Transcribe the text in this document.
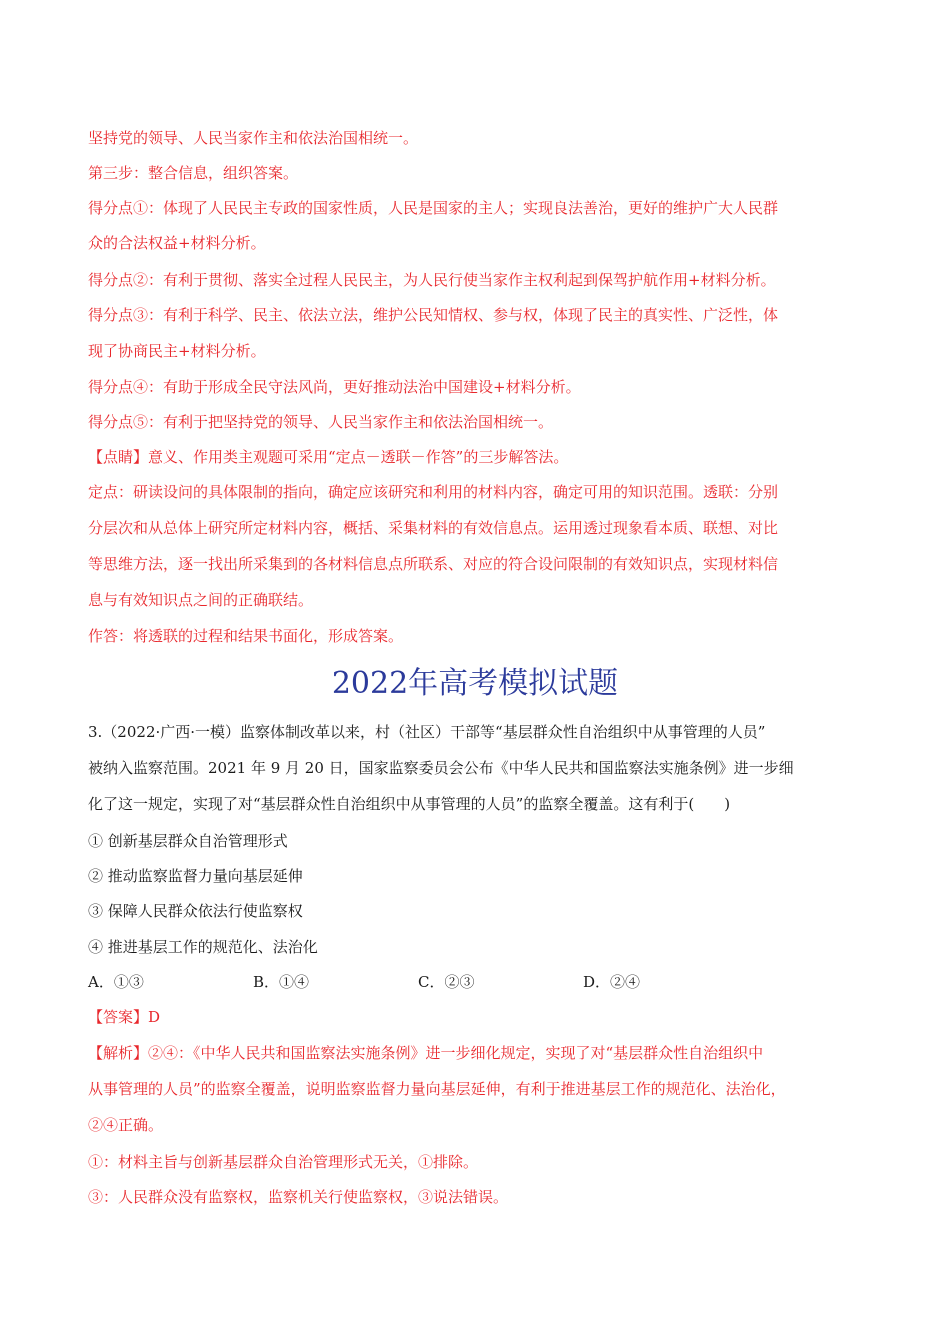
坚持党的领导、人民当家作主和依法治国相统一。

第三步：整合信息，组织答案。

得分点①：体现了人民民主专政的国家性质，人民是国家的主人；实现良法善治，更好的维护广大人民群

众的合法权益+材料分析。

得分点②：有利于贯彻、落实全过程人民民主，为人民行使当家作主权利起到保驾护航作用+材料分析。

得分点③：有利于科学、民主、依法立法，维护公民知情权、参与权，体现了民主的真实性、广泛性，体

现了协商民主+材料分析。

得分点④：有助于形成全民守法风尚，更好推动法治中国建设+材料分析。

得分点⑤：有利于把坚持党的领导、人民当家作主和依法治国相统一。

【点睛】意义、作用类主观题可采用“定点－透联－作答”的三步解答法。

定点：研读设问的具体限制的指向，确定应该研究和利用的材料内容，确定可用的知识范围。透联：分别

分层次和从总体上研究所定材料内容，概括、采集材料的有效信息点。运用透过现象看本质、联想、对比

等思维方法，逐一找出所采集到的各材料信息点所联系、对应的符合设问限制的有效知识点，实现材料信

息与有效知识点之间的正确联结。

作答：将透联的过程和结果书面化，形成答案。

2022年高考模拟试题

3.（2022·广西·一模）监察体制改革以来，村（社区）干部等“基层群众性自治组织中从事管理的人员”

被纳入监察范围。2021 年 9 月 20 日，国家监察委员会公布《中华人民共和国监察法实施条例》进一步细

化了这一规定，实现了对“基层群众性自治组织中从事管理的人员”的监察全覆盖。这有利于(　　)

① 创新基层群众自治管理形式

② 推动监察监督力量向基层延伸

③ 保障人民群众依法行使监察权

④ 推进基层工作的规范化、法治化

A．①③	B．①④	C．②③	D．②④

【答案】D

【解析】②④：《中华人民共和国监察法实施条例》进一步细化规定，实现了对“基层群众性自治组织中

从事管理的人员”的监察全覆盖，说明监察监督力量向基层延伸，有利于推进基层工作的规范化、法治化，

②④正确。

①：材料主旨与创新基层群众自治管理形式无关，①排除。

③：人民群众没有监察权，监察机关行使监察权，③说法错误。
